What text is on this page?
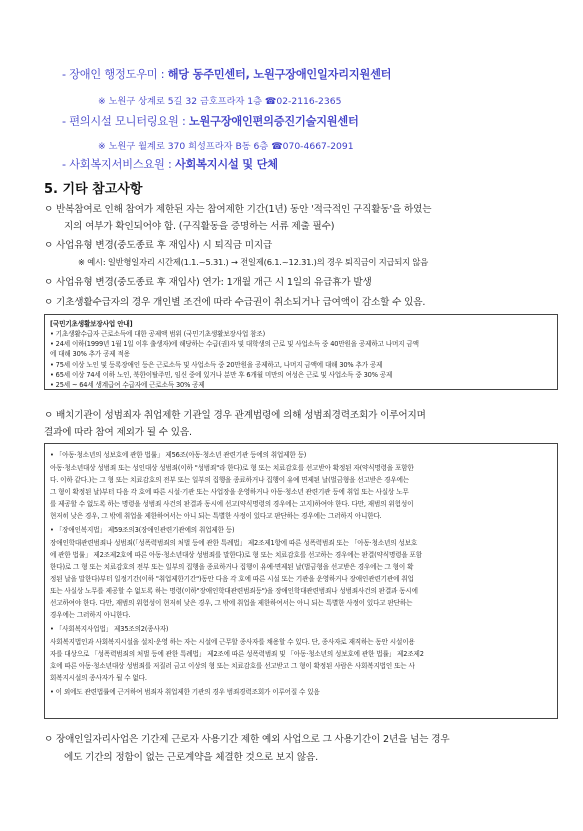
- 장애인 행정도우미 : 해당 동주민센터, 노원구장애인일자리지원센터
※ 노원구 상계로 5길 32 금호프라자 1층 ☎02-2116-2365
- 편의시설 모니터링요원 : 노원구장애인편의증진기술지원센터
※ 노원구 월계로 370 희성프라자 B동 6층 ☎070-4667-2091
- 사회복지서비스요원 : 사회복지시설 및 단체
5. 기타 참고사항
ㅇ 반복참여로 인해 참여가 제한된 자는 참여제한 기간(1년) 동안 '적극적인 구직활동'을 하였는
지의 여부가 확인되어야 함. (구직활동을 증명하는 서류 제출 필수)
ㅇ 사업유형 변경(중도종료 후 재입사) 시 퇴직금 미지급
※ 예시: 일반형일자리 시간제(1.1.~5.31.) → 전일제(6.1.~12.31.)의 경우 퇴직금이 지급되지 않음
ㅇ 사업유형 변경(중도종료 후 재입사) 연가: 1개월 개근 시 1일의 유급휴가 발생
ㅇ 기초생활수급자의 경우 개인별 조건에 따라 수급권이 취소되거나 급여액이 감소할 수 있음.
[국민기초생활보장사업 안내]
• 기초생활수급자 근로소득에 대한 공제액 범위 (국민기초생활보장사업 참조)
• 24세 이하(1999년 1월 1일 이후 출생자)에 해당하는 수급(권)자 및 대학생의 근로 및 사업소득 중 40만원을 공제하고 나머지 금액
에 대해 30% 추가 공제 적용
• 75세 이상 노인 및 등록장애인 등은 근로소득 및 사업소득 중 20만원을 공제하고, 나머지 금액에 대해 30% 추가 공제
• 65세 이상 74세 이하 노인, 북한이탈주민, 임신 중에 있거나 분만 후 6개월 미만의 여성은 근로 및 사업소득 중 30% 공제
• 25세 ~ 64세 생계급여 수급자에 근로소득 30% 공제
ㅇ 배치기관이 성범죄자 취업제한 기관일 경우 관계법령에 의해 성범죄경력조회가 이루어지며
결과에 따라 참여 제외가 될 수 있음.
• 「아동·청소년의 성보호에 관한 법률」 제56조(아동·청소년 관련기관 등에의 취업제한 등)
아동·청소년대상 성범죄 또는 성인대상 성범죄(이하 "성범죄"라 한다)로 형 또는 치료감호를 선고받아 확정된 자(약식명령을 포함한
다. 이하 같다.)는 그 형 또는 치료감호의 전부 또는 일부의 집행을 종료하거나 집행이 유예 면제된 날(벌금형을 선고받은 경우에는
그 형이 확정된 날)부터 다음 각 호에 따른 시설·기관 또는 사업장을 운영하거나 아동·청소년 관련기관 등에 취업 또는 사실상 노무
를 제공할 수 없도록 하는 명령을 성범죄 사건의 판결과 동시에 선고(약식명령의 경우에는 고지)하여야 한다. 다만, 재범의 위험성이
현저히 낮은 경우, 그 밖에 취업을 제한하여서는 아니 되는 특별한 사정이 있다고 판단하는 경우에는 그러하지 아니한다.
• 「장애인복지법」 제59조의3(장애인관련기관에의 취업제한 등)
장애인학대관련범죄나 성범죄(「성폭력범죄의 처벌 등에 관한 특례법」 제2조제1항에 따른 성폭력범죄 또는 「아동·청소년의 성보호
에 관한 법률」 제2조제2호에 따른 아동·청소년대상 성범죄를 말한다)로 형 또는 치료감호를 선고하는 경우에는 판결(약식명령을 포함
한다)로 그 형 또는 치료감호의 전부 또는 일부의 집행을 종료하거나 집행이 유예·면제된 날(벌금형을 선고받은 경우에는 그 형이 확
정된 날을 말한다)부터 일정기간(이하 "취업제한기간")동안 다음 각 호에 따른 시설 또는 기관을 운영하거나 장애인관련기관에 취업
또는 사실상 노무를 제공할 수 없도록 하는 명령(이하"장애인학대관련범죄등")을 장애인학대관련범죄나 성범죄사건의 판결과 동시에
선고하여야 한다. 다만, 재범의 위험성이 현저히 낮은 경우, 그 밖에 취업을 제한하여서는 아니 되는 특별한 사정이 있다고 판단하는
경우에는 그러하지 아니한다.
• 「사회복지사업법」 제35조의2(종사자)
사회복지법인과 사회복지시설을 설치·운영 하는 자는 시설에 근무할 종사자를 채용할 수 있다. 단, 종사자로 재직하는 동안 시설이용
자를 대상으로 「성폭력범죄의 처벌 등에 관한 특례법」 제2조에 따른 성폭력범죄 및 「아동·청소년의 성보호에 관한 법률」 제2조제2
호에 따른 아동·청소년대상 성범죄를 저질러 금고 이상의 형 또는 치료감호를 선고받고 그 형이 확정된 사람은 사회복지법인 또는 사
회복지시설의 종사자가 될 수 없다.
• 이 외에도 관련법률에 근거하여 범죄자 취업제한 기관의 경우 범죄경력조회가 이루어질 수 있음
ㅇ 장애인일자리사업은 기간제 근로자 사용기간 제한 예외 사업으로 그 사용기간이 2년을 넘는 경우
에도 기간의 정함이 없는 근로계약을 체결한 것으로 보지 않음.
